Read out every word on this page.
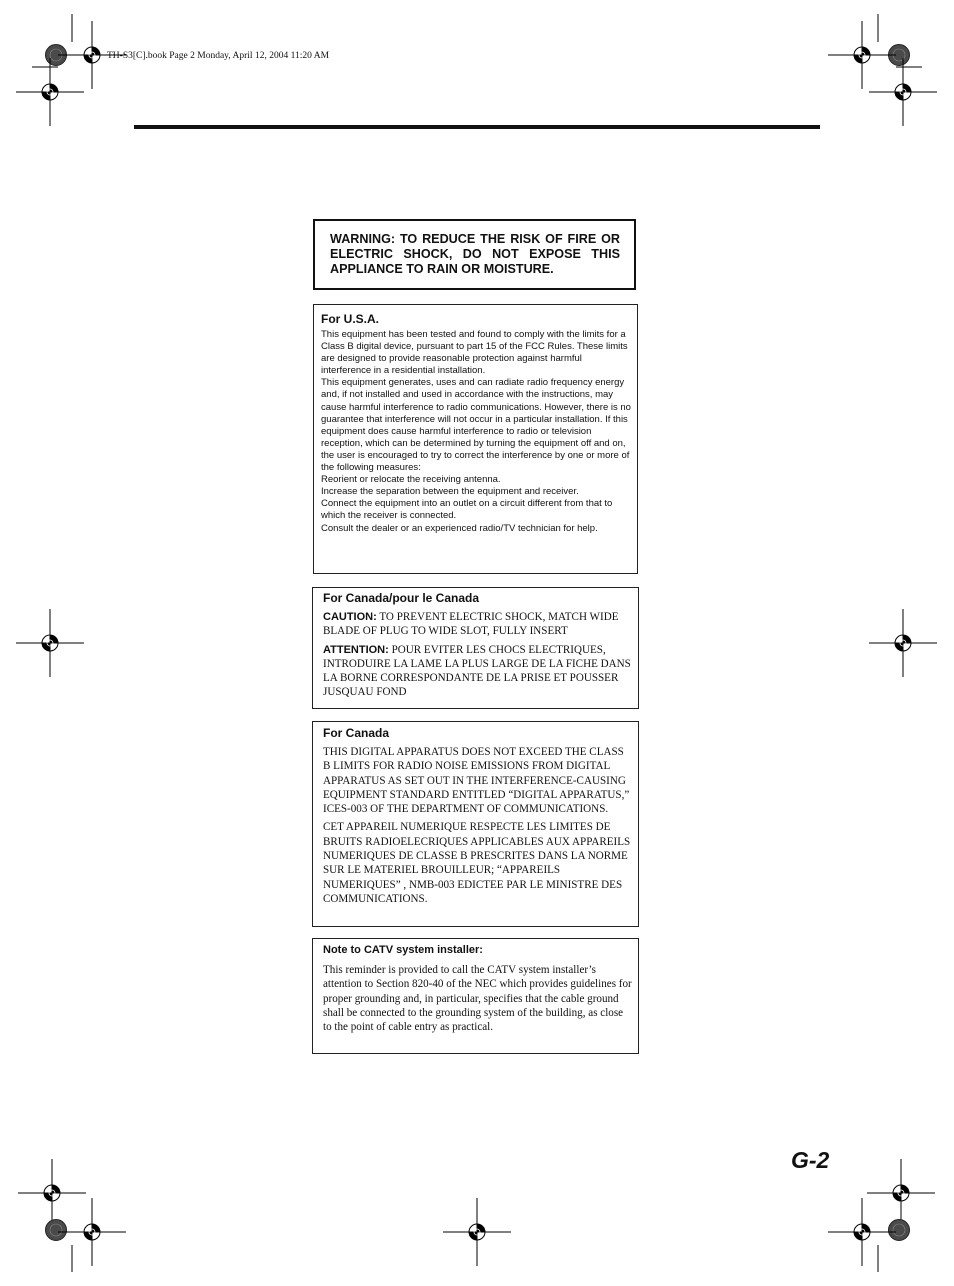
TH-S3[C].book Page 2 Monday, April 12, 2004 11:20 AM
WARNING: TO REDUCE THE RISK OF FIRE OR ELECTRIC SHOCK, DO NOT EXPOSE THIS APPLIANCE TO RAIN OR MOISTURE.
For U.S.A.

This equipment has been tested and found to comply with the limits for a Class B digital device, pursuant to part 15 of the FCC Rules. These limits are designed to provide reasonable protection against harmful interference in a residential installation.

This equipment generates, uses and can radiate radio frequency energy and, if not installed and used in accordance with the instructions, may cause harmful interference to radio communications. However, there is no guarantee that interference will not occur in a particular installation. If this equipment does cause harmful interference to radio or television reception, which can be determined by turning the equipment off and on, the user is encouraged to try to correct the interference by one or more of the following measures:

Reorient or relocate the receiving antenna.

Increase the separation between the equipment and receiver.

Connect the equipment into an outlet on a circuit different from that to which the receiver is connected.

Consult the dealer or an experienced radio/TV technician for help.

For Canada/pour le Canada

CAUTION: TO PREVENT ELECTRIC SHOCK, MATCH WIDE BLADE OF PLUG TO WIDE SLOT, FULLY INSERT

ATTENTION: POUR EVITER LES CHOCS ELECTRIQUES, INTRODUIRE LA LAME LA PLUS LARGE DE LA FICHE DANS LA BORNE CORRESPONDANTE DE LA PRISE ET POUSSER JUSQUAU FOND

For Canada

THIS DIGITAL APPARATUS DOES NOT EXCEED THE CLASS B LIMITS FOR RADIO NOISE EMISSIONS FROM DIGITAL APPARATUS AS SET OUT IN THE INTERFERENCE-CAUSING EQUIPMENT STANDARD ENTITLED “DIGITAL APPARATUS,” ICES-003 OF THE DEPARTMENT OF COMMUNICATIONS.

CET APPAREIL NUMERIQUE RESPECTE LES LIMITES DE BRUITS RADIOELECRIQUES APPLICABLES AUX APPAREILS NUMERIQUES DE CLASSE B PRESCRITES DANS LA NORME SUR LE MATERIEL BROUILLEUR; “APPAREILS NUMERIQUES” , NMB-003 EDICTEE PAR LE MINISTRE DES COMMUNICATIONS.

Note to CATV system installer:

This reminder is provided to call the CATV system installer’s attention to Section 820-40 of the NEC which provides guidelines for proper grounding and, in particular, specifies that the cable ground shall be connected to the grounding system of the building, as close to the point of cable entry as practical.

G-2
